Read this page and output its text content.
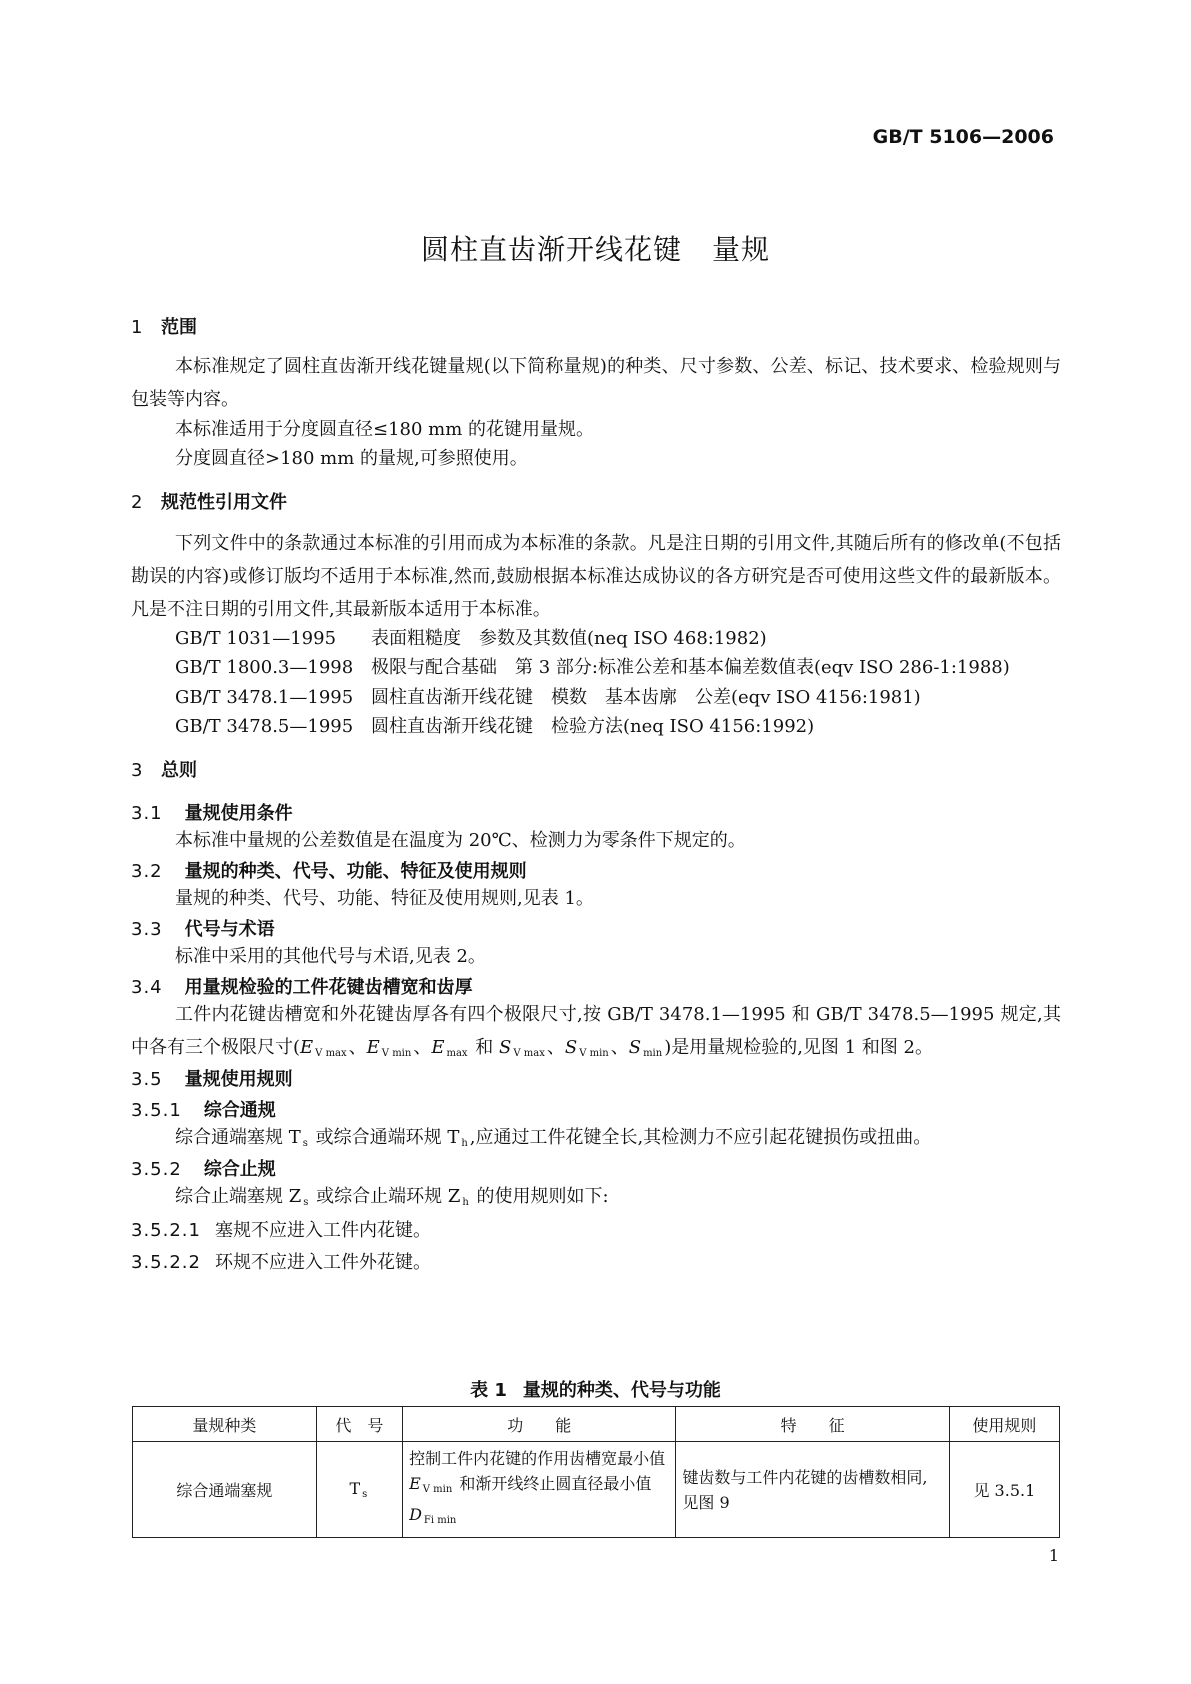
GB/T 5106—2006
圆柱直齿渐开线花键 量规
1 范围
本标准规定了圆柱直齿渐开线花键量规(以下简称量规)的种类、尺寸参数、公差、标记、技术要求、检验规则与包装等内容。
本标准适用于分度圆直径≤180 mm 的花键用量规。
分度圆直径>180 mm 的量规,可参照使用。
2 规范性引用文件
下列文件中的条款通过本标准的引用而成为本标准的条款。凡是注日期的引用文件,其随后所有的修改单(不包括勘误的内容)或修订版均不适用于本标准,然而,鼓励根据本标准达成协议的各方研究是否可使用这些文件的最新版本。凡是不注日期的引用文件,其最新版本适用于本标准。
GB/T 1031—1995 表面粗糙度　参数及其数值(neq ISO 468:1982)
GB/T 1800.3—1998 极限与配合基础　第 3 部分:标准公差和基本偏差数值表(eqv ISO 286-1:1988)
GB/T 3478.1—1995 圆柱直齿渐开线花键　模数　基本齿廓　公差(eqv ISO 4156:1981)
GB/T 3478.5—1995 圆柱直齿渐开线花键　检验方法(neq ISO 4156:1992)
3 总则
3.1 量规使用条件
本标准中量规的公差数值是在温度为 20℃、检测力为零条件下规定的。
3.2 量规的种类、代号、功能、特征及使用规则
量规的种类、代号、功能、特征及使用规则,见表 1。
3.3 代号与术语
标准中采用的其他代号与术语,见表 2。
3.4 用量规检验的工件花键齿槽宽和齿厚
工件内花键齿槽宽和外花键齿厚各有四个极限尺寸,按 GB/T 3478.1—1995 和 GB/T 3478.5—1995 规定,其中各有三个极限尺寸(E $_{V max}$ 、E $_{V min}$ 、E $_{max}$ 和 S $_{V max}$ 、S $_{V min}$ 、S $_{min}$ )是用量规检验的,见图 1 和图 2。
3.5 量规使用规则
3.5.1 综合通规
综合通端塞规 T $_s$ 或综合通端环规 T $_h$ ,应通过工件花键全长,其检测力不应引起花键损伤或扭曲。
3.5.2 综合止规
综合止端塞规 Z $_s$ 或综合止端环规 Z $_h$ 的使用规则如下:
3.5.2.1 塞规不应进入工件内花键。
3.5.2.2 环规不应进入工件外花键。
表 1 量规的种类、代号与功能
量规种类	代　号	功　　能	特　　征	使用规则
综合通端塞规	T $_s$	控制工件内花键的作用齿槽宽最小值 E $_{V min}$ 和渐开线终止圆直径最小值 D $_{Fi min}$	键齿数与工件内花键的齿槽数相同,见图 9	见 3.5.1
1
